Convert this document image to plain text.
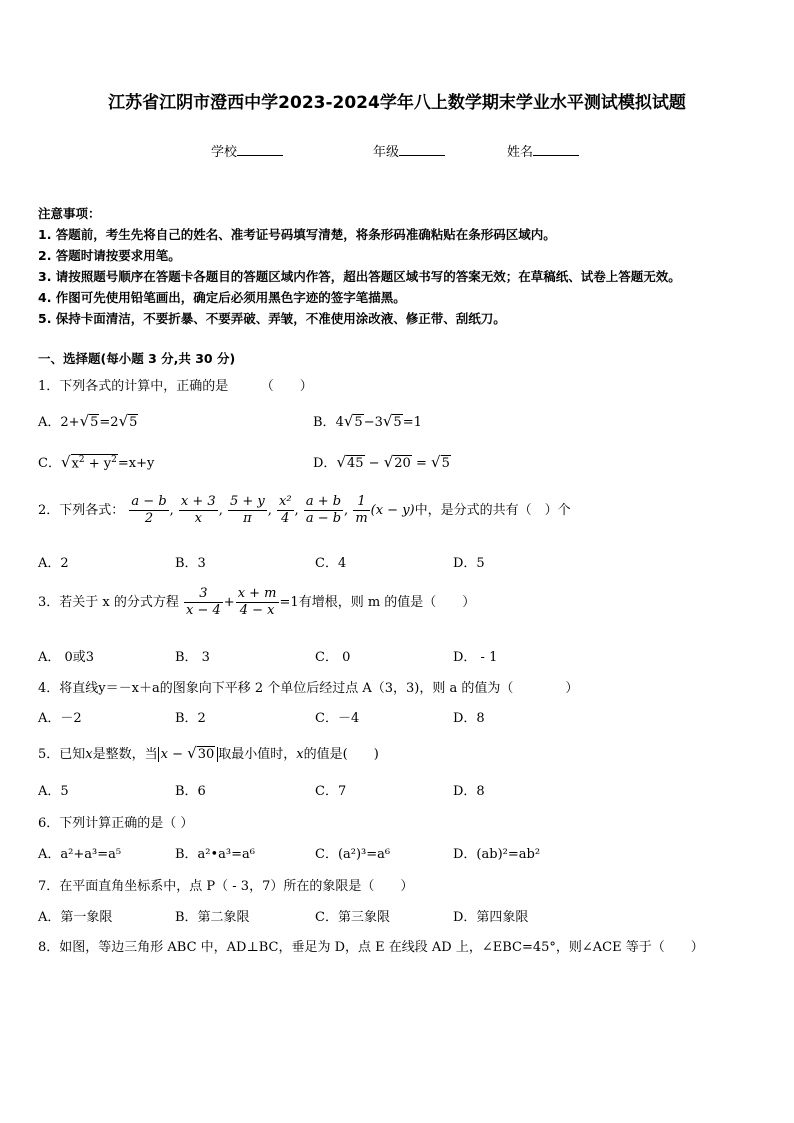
江苏省江阴市澄西中学2023-2024学年八上数学期末学业水平测试模拟试题
学校	年级	姓名
注意事项：
1. 答题前，考生先将自己的姓名、准考证号码填写清楚，将条形码准确粘贴在条形码区域内。
2. 答题时请按要求用笔。
3. 请按照题号顺序在答题卡各题目的答题区域内作答，超出答题区域书写的答案无效；在草稿纸、试卷上答题无效。
4. 作图可先使用铅笔画出，确定后必须用黑色字迹的签字笔描黑。
5. 保持卡面清洁，不要折暴、不要弄破、弄皱，不准使用涂改液、修正带、刮纸刀。
一、选择题(每小题 3 分,共 30 分)
1．下列各式的计算中，正确的是　　　（　　）
A．2+√5=2√5	B．4√5−3√5=1
C．$√x^2 + y^2=x+y$	D．√45 − √20 = √5
2．下列各式： $\frac{a - b}{2}$ , $\frac{x + 3}{x}$ , $\frac{5 + y}{\pi}$ , $\frac{\text{x²}}{4}$ , $\frac{a + b}{a - b}$ , $\frac{1}{m} (x - y)$中，是分式的共有（　）个
A．2	B．3	C．4	D．5
3．若关于 x 的分式方程 $\frac{3}{x - 4} + \frac{x + m}{4 - x} =1$有增根，则 m 的值是（　　）
A． 0或3	B． 3	C． 0	D． - 1
4．将直线y＝－x＋a的图象向下平移 2 个单位后经过点 A（3，3)，则 a 的值为（　　　　）
A．－2	B．2	C．－4	D．8
5．已知x是整数，当 x − √30 取最小值时，x的值是(　　)
A．5	B．6	C．7	D．8
6．下列计算正确的是（ ）
A．a²+a³=a⁵	B．a²•a³=a⁶	C．(a²)³=a⁶	D．(ab)²=ab²
7．在平面直角坐标系中，点 P（ - 3，7）所在的象限是（　　）
A．第一象限	B．第二象限	C．第三象限	D．第四象限
8．如图，等边三角形 ABC 中，AD⊥BC，垂足为 D，点 E 在线段 AD 上，∠EBC=45°，则∠ACE 等于（　　）
